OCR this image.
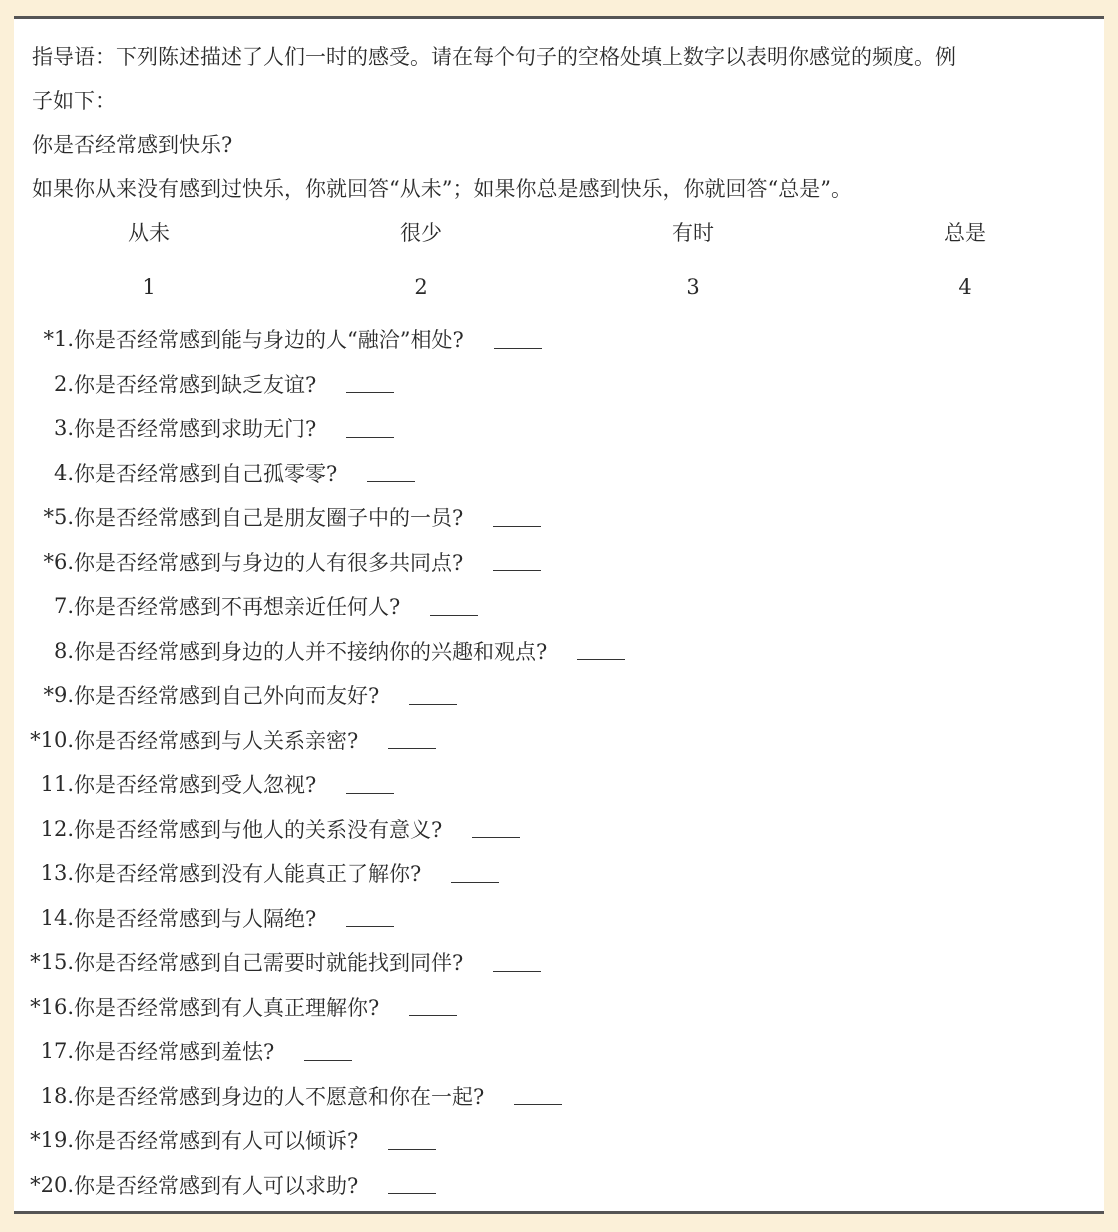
指导语：下列陈述描述了人们一时的感受。请在每个句子的空格处填上数字以表明你感觉的频度。例

子如下：

你是否经常感到快乐?

如果你从来没有感到过快乐，你就回答“从未”；如果你总是感到快乐，你就回答“总是”。

从未
1
很少
2
有时
3
总是
4
*1. 你是否经常感到能与身边的人“融洽”相处?
2. 你是否经常感到缺乏友谊?
3. 你是否经常感到求助无门?
4. 你是否经常感到自己孤零零?
*5. 你是否经常感到自己是朋友圈子中的一员?
*6. 你是否经常感到与身边的人有很多共同点?
7. 你是否经常感到不再想亲近任何人?
8. 你是否经常感到身边的人并不接纳你的兴趣和观点?
*9. 你是否经常感到自己外向而友好?
*10. 你是否经常感到与人关系亲密?
11. 你是否经常感到受人忽视?
12. 你是否经常感到与他人的关系没有意义?
13. 你是否经常感到没有人能真正了解你?
14. 你是否经常感到与人隔绝?
*15. 你是否经常感到自己需要时就能找到同伴?
*16. 你是否经常感到有人真正理解你?
17. 你是否经常感到羞怯?
18. 你是否经常感到身边的人不愿意和你在一起?
*19. 你是否经常感到有人可以倾诉?
*20. 你是否经常感到有人可以求助?
